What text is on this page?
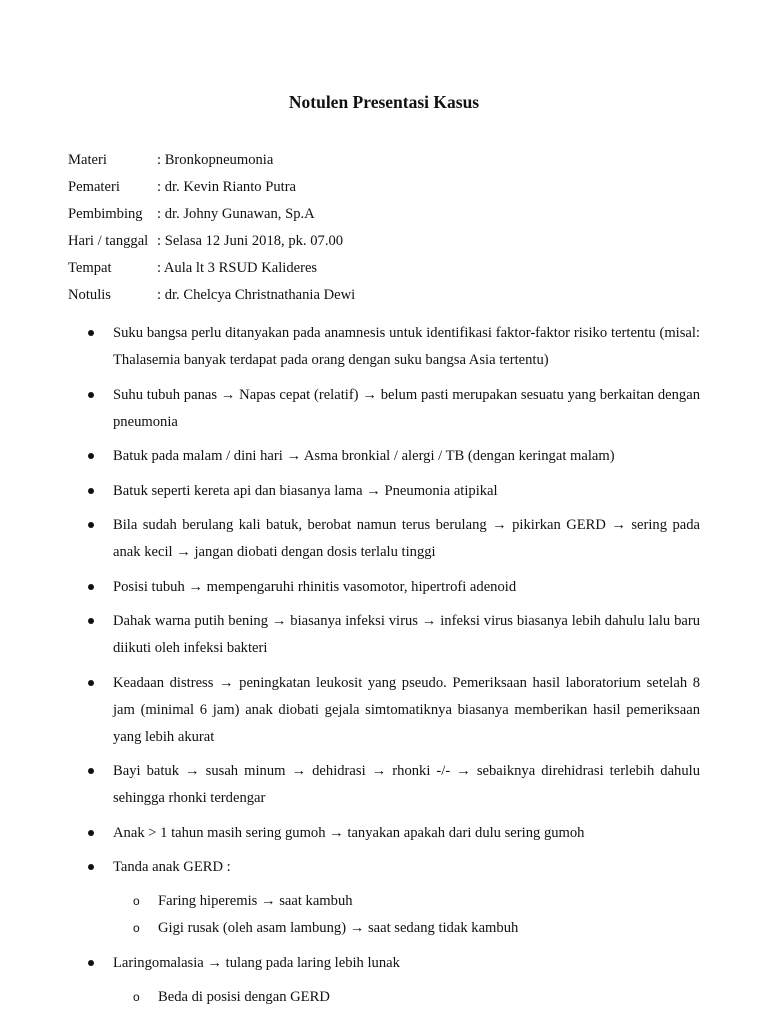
Notulen Presentasi Kasus
Materi	: Bronkopneumonia
Pemateri	: dr. Kevin Rianto Putra
Pembimbing : dr. Johny Gunawan, Sp.A
Hari / tanggal : Selasa 12 Juni 2018, pk. 07.00
Tempat	: Aula lt 3 RSUD Kalideres
Notulis	: dr. Chelcya Christnathania Dewi
Suku bangsa perlu ditanyakan pada anamnesis untuk identifikasi faktor-faktor risiko tertentu (misal: Thalasemia banyak terdapat pada orang dengan suku bangsa Asia tertentu)
Suhu tubuh panas → Napas cepat (relatif) → belum pasti merupakan sesuatu yang berkaitan dengan pneumonia
Batuk pada malam / dini hari → Asma bronkial / alergi / TB (dengan keringat malam)
Batuk seperti kereta api dan biasanya lama → Pneumonia atipikal
Bila sudah berulang kali batuk, berobat namun terus berulang → pikirkan GERD → sering pada anak kecil → jangan diobati dengan dosis terlalu tinggi
Posisi tubuh → mempengaruhi rhinitis vasomotor, hipertrofi adenoid
Dahak warna putih bening → biasanya infeksi virus → infeksi virus biasanya lebih dahulu lalu baru diikuti oleh infeksi bakteri
Keadaan distress → peningkatan leukosit yang pseudo. Pemeriksaan hasil laboratorium setelah 8 jam (minimal 6 jam) anak diobati gejala simtomatiknya biasanya memberikan hasil pemeriksaan yang lebih akurat
Bayi batuk → susah minum → dehidrasi → rhonki -/- → sebaiknya direhidrasi terlebih dahulu sehingga rhonki terdengar
Anak > 1 tahun masih sering gumoh → tanyakan apakah dari dulu sering gumoh
Tanda anak GERD :
o Faring hiperemis → saat kambuh
o Gigi rusak (oleh asam lambung) → saat sedang tidak kambuh
Laringomalasia → tulang pada laring lebih lunak
o Beda di posisi dengan GERD
